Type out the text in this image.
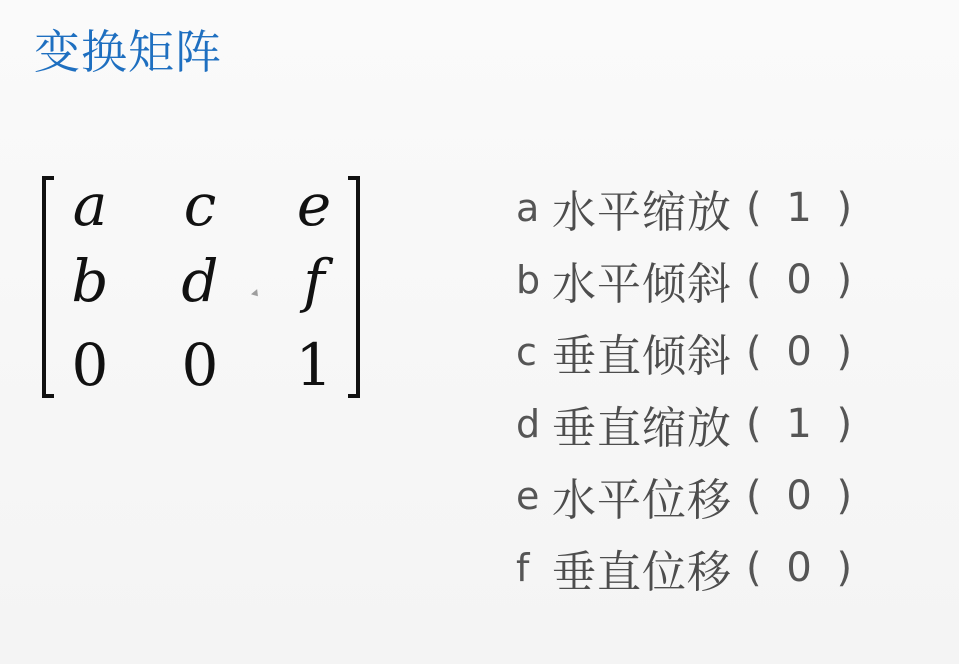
变换矩阵
a	c	e
b	d	f
0	0	1
a 水平缩放 ( 1 )
b 水平倾斜 ( 0 )
c 垂直倾斜 ( 0 )
d 垂直缩放 ( 1 )
e 水平位移 ( 0 )
f 垂直位移 ( 0 )
